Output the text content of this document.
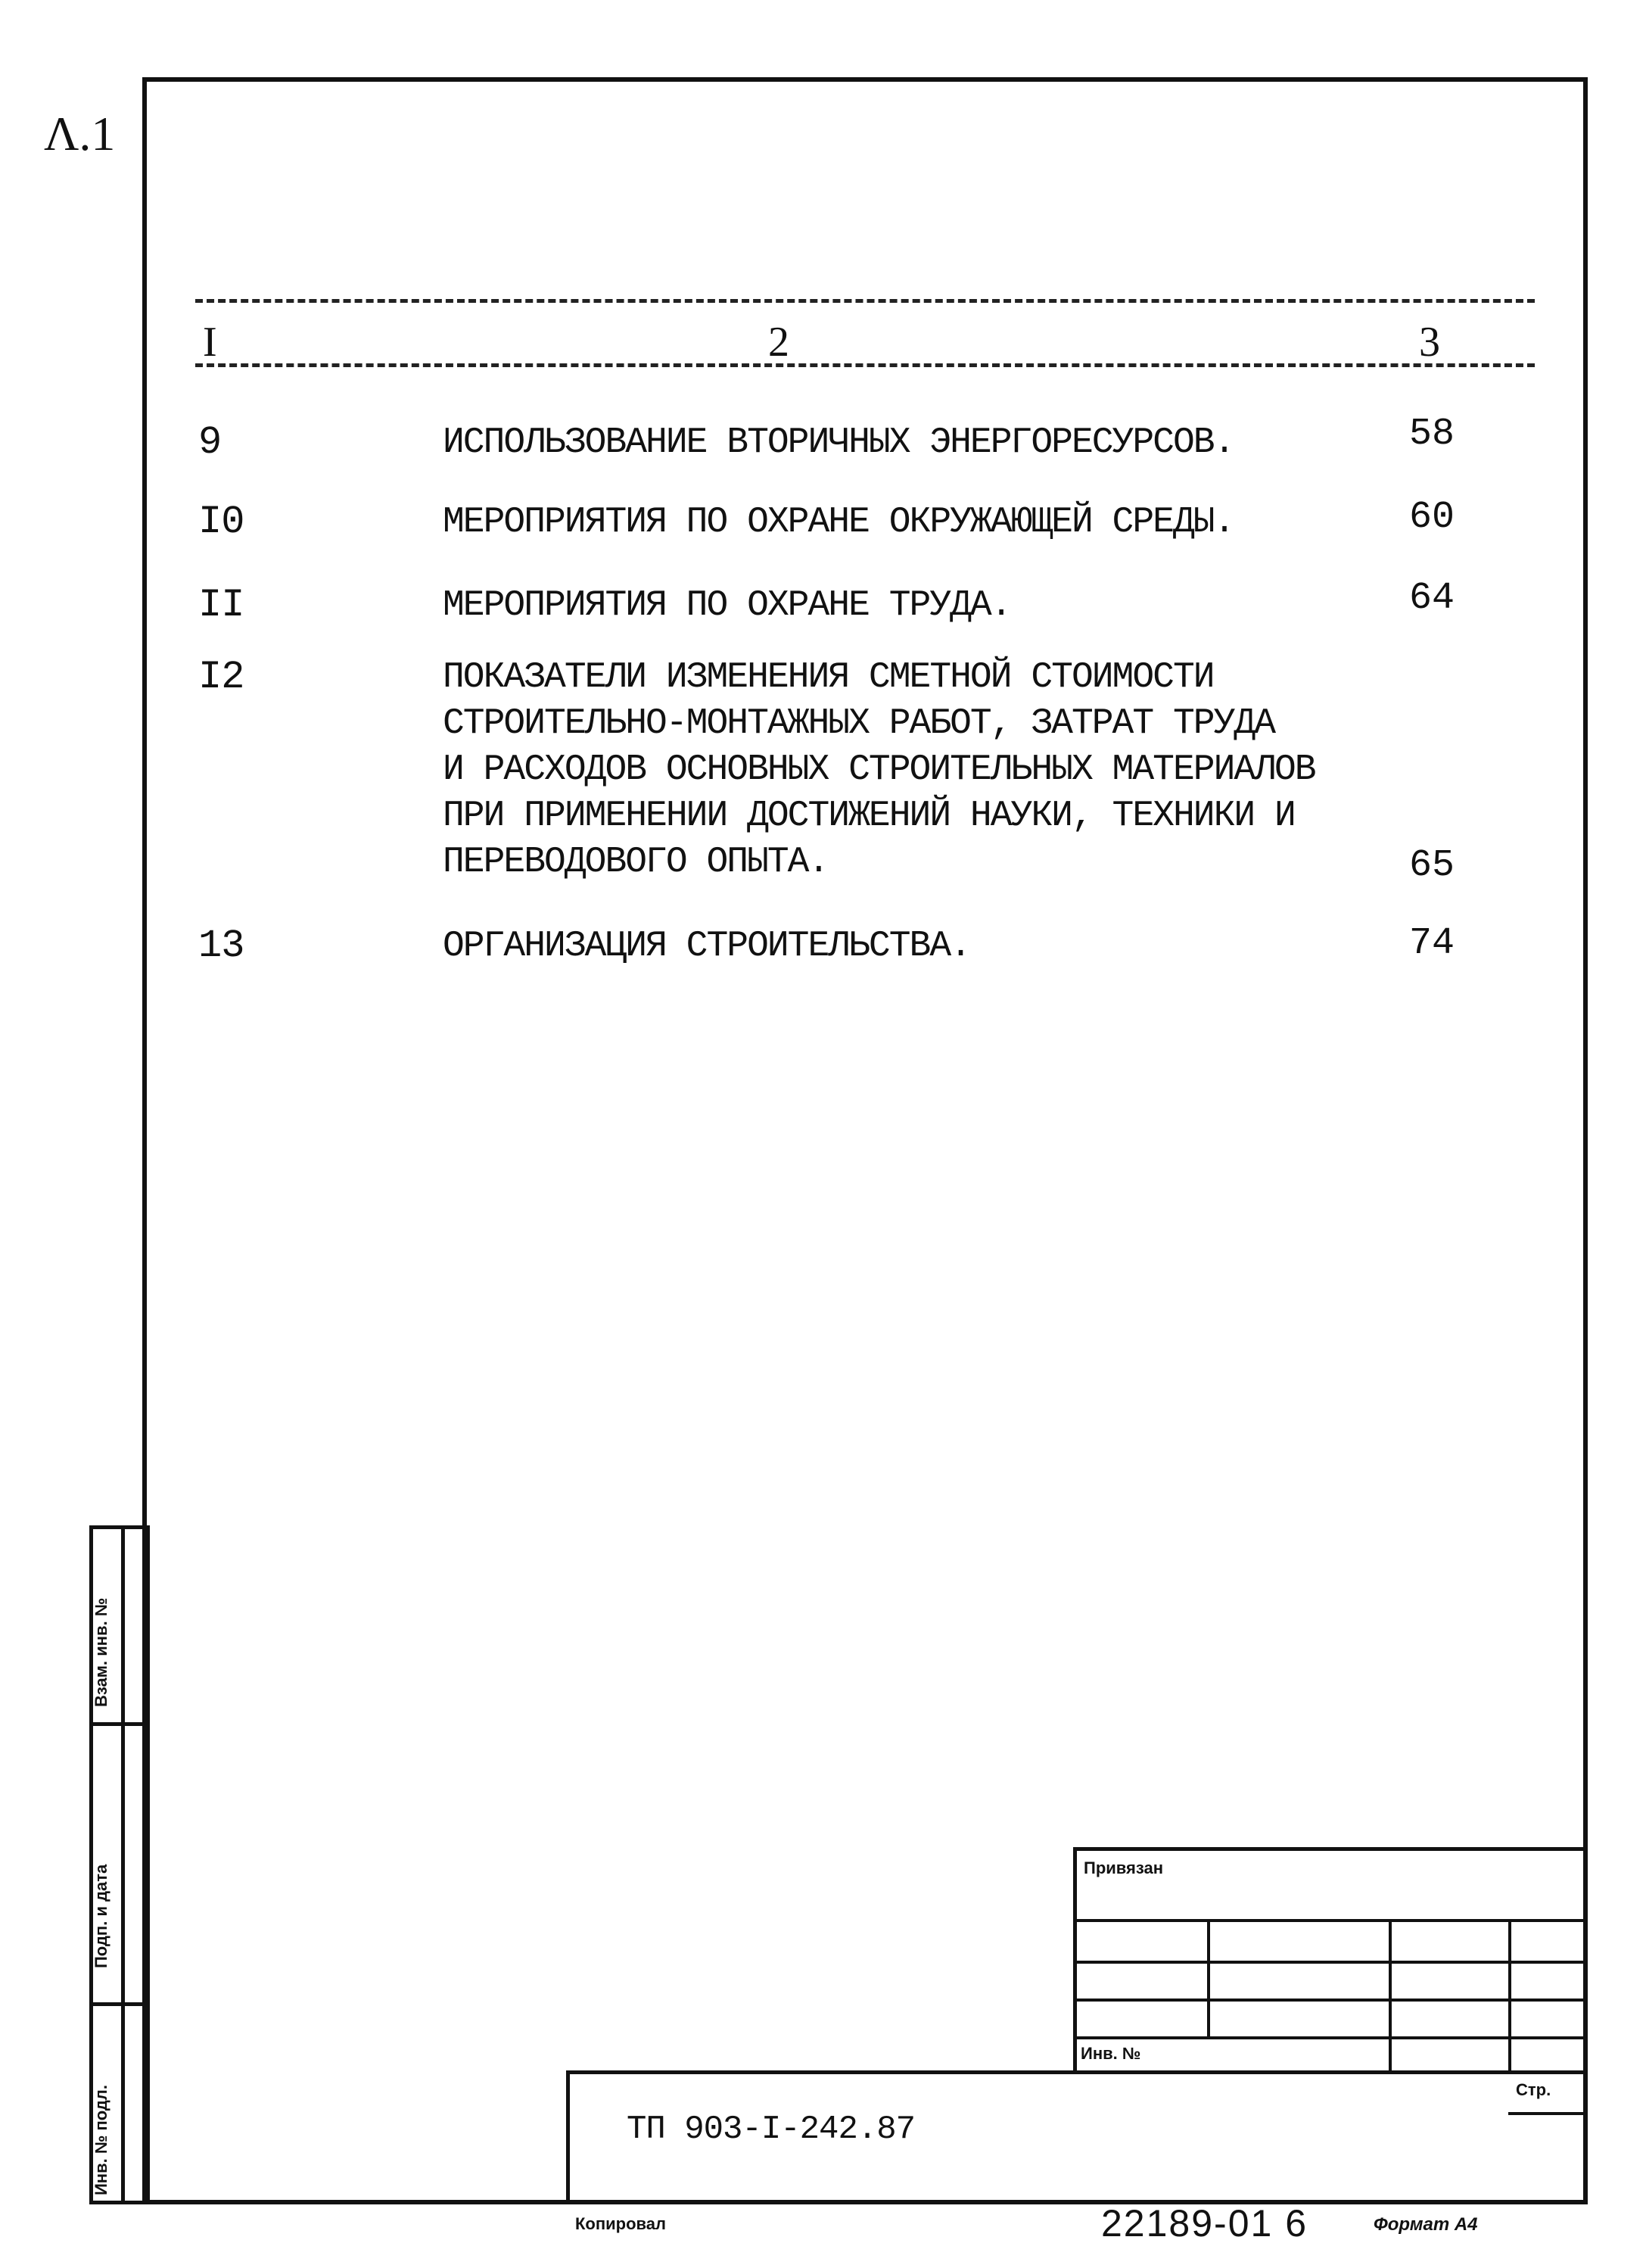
Λ.1
I	2	3
9	ИСПОЛЬЗОВАНИЕ ВТОРИЧНЫХ ЭНЕРГОРЕСУРСОВ.	58
I0	МЕРОПРИЯТИЯ ПО ОХРАНЕ ОКРУЖАЮЩЕЙ СРЕДЫ.	60
II	МЕРОПРИЯТИЯ ПО ОХРАНЕ ТРУДА.	64
I2	ПОКАЗАТЕЛИ ИЗМЕНЕНИЯ СМЕТНОЙ СТОИМОСТИ
СТРОИТЕЛЬНО-МОНТАЖНЫХ РАБОТ, ЗАТРАТ ТРУДА
И РАСХОДОВ ОСНОВНЫХ СТРОИТЕЛЬНЫХ МАТЕРИАЛОВ
ПРИ ПРИМЕНЕНИИ ДОСТИЖЕНИЙ НАУКИ, ТЕХНИКИ И
ПЕРЕВОДОВОГО ОПЫТА.	65
13	ОРГАНИЗАЦИЯ СТРОИТЕЛЬСТВА.	74
Взам. инв. №
Подп. и дата
Инв. № подл.
Привязан
Инв. №
Стр.
ТП 903-I-242.87
Копировал	22189-01 6	Формат А4
